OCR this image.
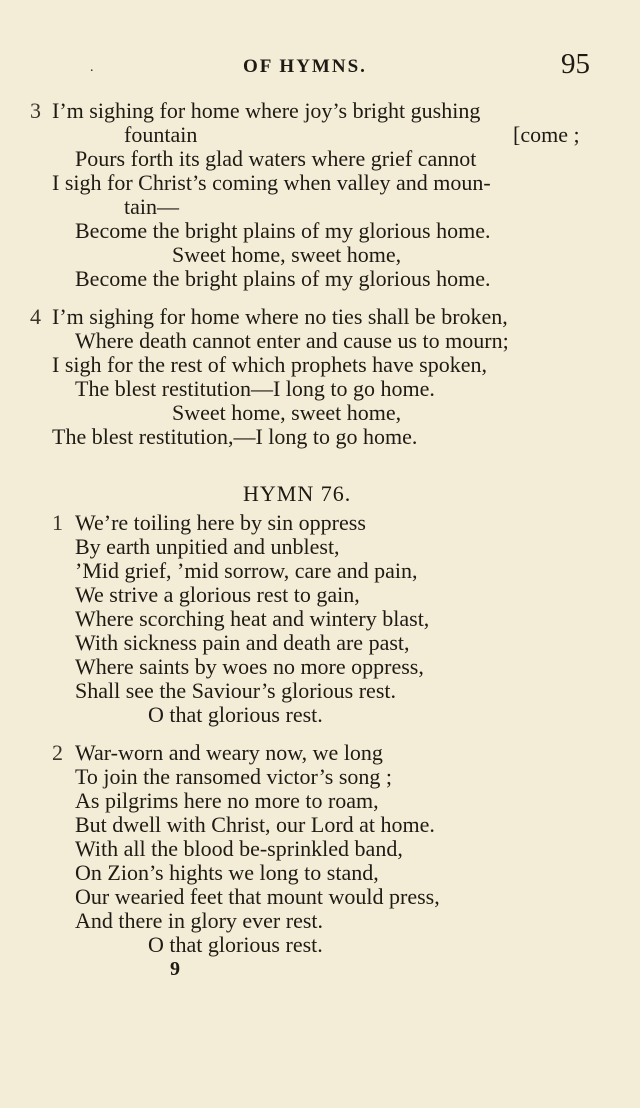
.	OF HYMNS.	95
3 I’m sighing for home where joy’s bright gushing
fountain	[come ;
Pours forth its glad waters where grief cannot
I sigh for Christ’s coming when valley and moun-
tain—
Become the bright plains of my glorious home.
Sweet home, sweet home,
Become the bright plains of my glorious home.
4 I’m sighing for home where no ties shall be broken,
Where death cannot enter and cause us to mourn;
I sigh for the rest of which prophets have spoken,
The blest restitution—I long to go home.
Sweet home, sweet home,
The blest restitution,—I long to go home.
HYMN 76.
1 We’re toiling here by sin oppress
By earth unpitied and unblest,
’Mid grief, ’mid sorrow, care and pain,
We strive a glorious rest to gain,
Where scorching heat and wintery blast,
With sickness pain and death are past,
Where saints by woes no more oppress,
Shall see the Saviour’s glorious rest.
O that glorious rest.
2 War-worn and weary now, we long
To join the ransomed victor’s song ;
As pilgrims here no more to roam,
But dwell with Christ, our Lord at home.
With all the blood be-sprinkled band,
On Zion’s hights we long to stand,
Our wearied feet that mount would press,
And there in glory ever rest.
O that glorious rest.
9
